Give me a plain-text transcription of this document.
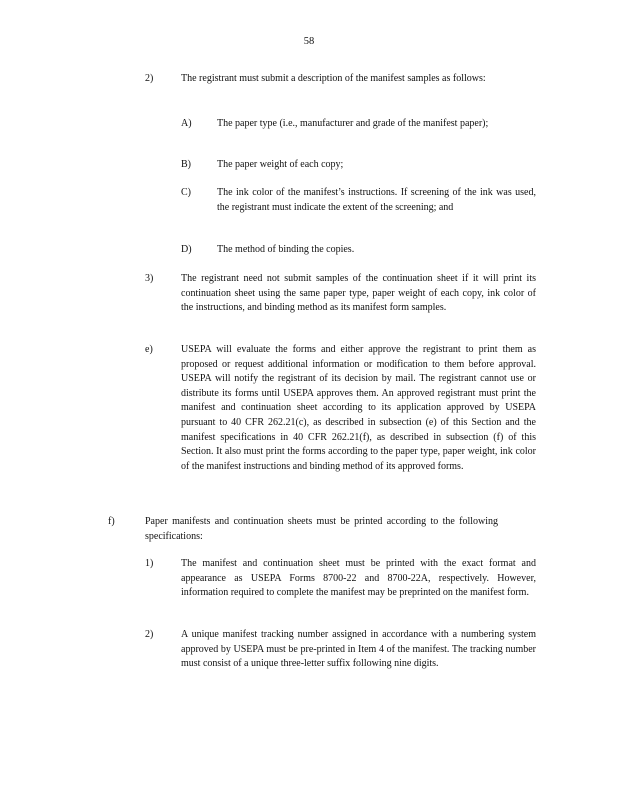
58
2)	The registrant must submit a description of the manifest samples as follows:
A)	The paper type (i.e., manufacturer and grade of the manifest paper);
B)	The paper weight of each copy;
C)	The ink color of the manifest’s instructions. If screening of the ink was used, the registrant must indicate the extent of the screening; and
D)	The method of binding the copies.
3)	The registrant need not submit samples of the continuation sheet if it will print its continuation sheet using the same paper type, paper weight of each copy, ink color of the instructions, and binding method as its manifest form samples.
e)	USEPA will evaluate the forms and either approve the registrant to print them as proposed or request additional information or modification to them before approval. USEPA will notify the registrant of its decision by mail. The registrant cannot use or distribute its forms until USEPA approves them. An approved registrant must print the manifest and continuation sheet according to its application approved by USEPA pursuant to 40 CFR 262.21(c), as described in subsection (e) of this Section and the manifest specifications in 40 CFR 262.21(f), as described in subsection (f) of this Section. It also must print the forms according to the paper type, paper weight, ink color of the manifest instructions and binding method of its approved forms.
f)	Paper manifests and continuation sheets must be printed according to the following specifications:
1)	The manifest and continuation sheet must be printed with the exact format and appearance as USEPA Forms 8700-22 and 8700-22A, respectively. However, information required to complete the manifest may be preprinted on the manifest form.
2)	A unique manifest tracking number assigned in accordance with a numbering system approved by USEPA must be pre-printed in Item 4 of the manifest. The tracking number must consist of a unique three-letter suffix following nine digits.
